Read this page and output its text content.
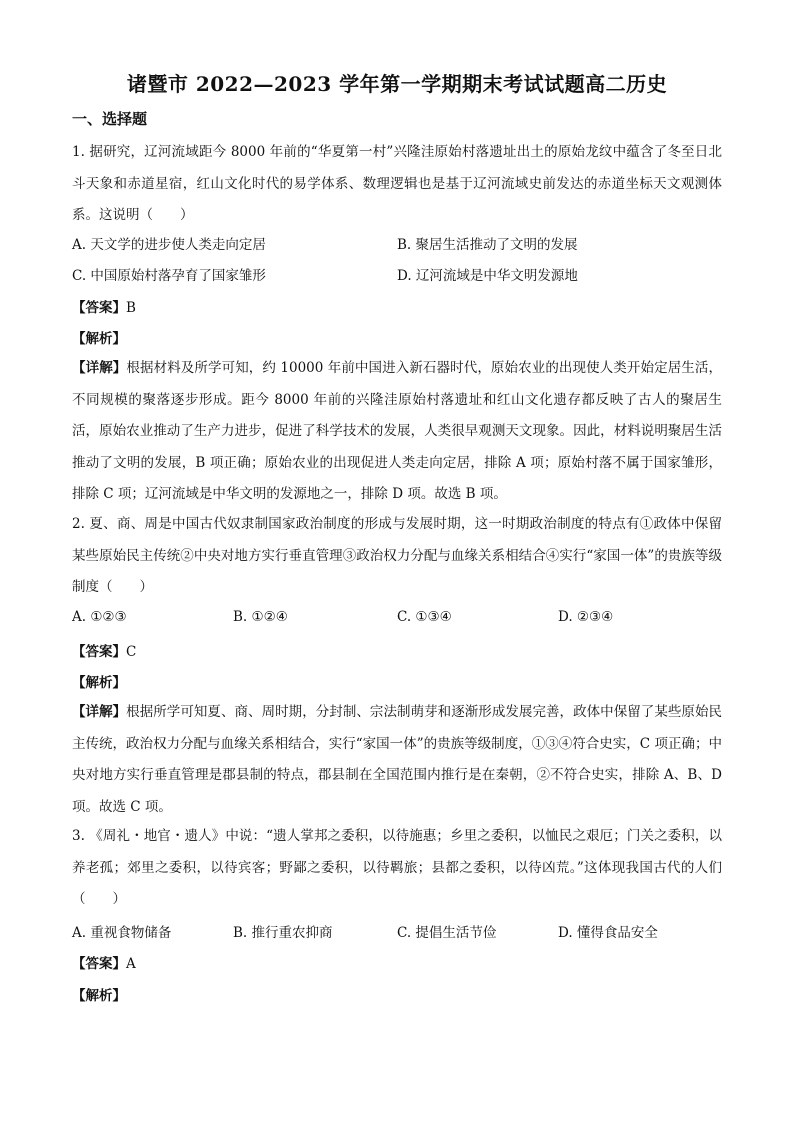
诸暨市 2022—2023 学年第一学期期末考试试题高二历史
一、选择题
1. 据研究，辽河流域距今 8000 年前的“华夏第一村”兴隆洼原始村落遗址出土的原始龙纹中蕴含了冬至日北斗天象和赤道星宿，红山文化时代的易学体系、数理逻辑也是基于辽河流域史前发达的赤道坐标天文观测体系。这说明（　　）
A. 天文学的进步使人类走向定居	B. 聚居生活推动了文明的发展
C. 中国原始村落孕育了国家雏形	D. 辽河流域是中华文明发源地
【答案】B
【解析】
【详解】根据材料及所学可知，约 10000 年前中国进入新石器时代，原始农业的出现使人类开始定居生活，不同规模的聚落逐步形成。距今 8000 年前的兴隆洼原始村落遗址和红山文化遗存都反映了古人的聚居生活，原始农业推动了生产力进步，促进了科学技术的发展，人类很早观测天文现象。因此，材料说明聚居生活推动了文明的发展，B 项正确；原始农业的出现促进人类走向定居，排除 A 项；原始村落不属于国家雏形，排除 C 项；辽河流域是中华文明的发源地之一，排除 D 项。故选 B 项。
2. 夏、商、周是中国古代奴隶制国家政治制度的形成与发展时期，这一时期政治制度的特点有①政体中保留某些原始民主传统②中央对地方实行垂直管理③政治权力分配与血缘关系相结合④实行“家国一体”的贵族等级制度（　　）
A. ①②③	B. ①②④	C. ①③④	D. ②③④
【答案】C
【解析】
【详解】根据所学可知夏、商、周时期，分封制、宗法制萌芽和逐渐形成发展完善，政体中保留了某些原始民主传统，政治权力分配与血缘关系相结合，实行“家国一体”的贵族等级制度，①③④符合史实，C 项正确；中央对地方实行垂直管理是郡县制的特点，郡县制在全国范围内推行是在秦朝，②不符合史实，排除 A、B、D 项。故选 C 项。
3. 《周礼・地官・遗人》中说：“遗人掌邦之委积，以待施惠；乡里之委积，以恤民之艰厄；门关之委积，以养老孤；郊里之委积，以待宾客；野鄙之委积，以待羁旅；县都之委积，以待凶荒。”这体现我国古代的人们（　　）
A. 重视食物储备	B. 推行重农抑商	C. 提倡生活节俭	D. 懂得食品安全
【答案】A
【解析】
